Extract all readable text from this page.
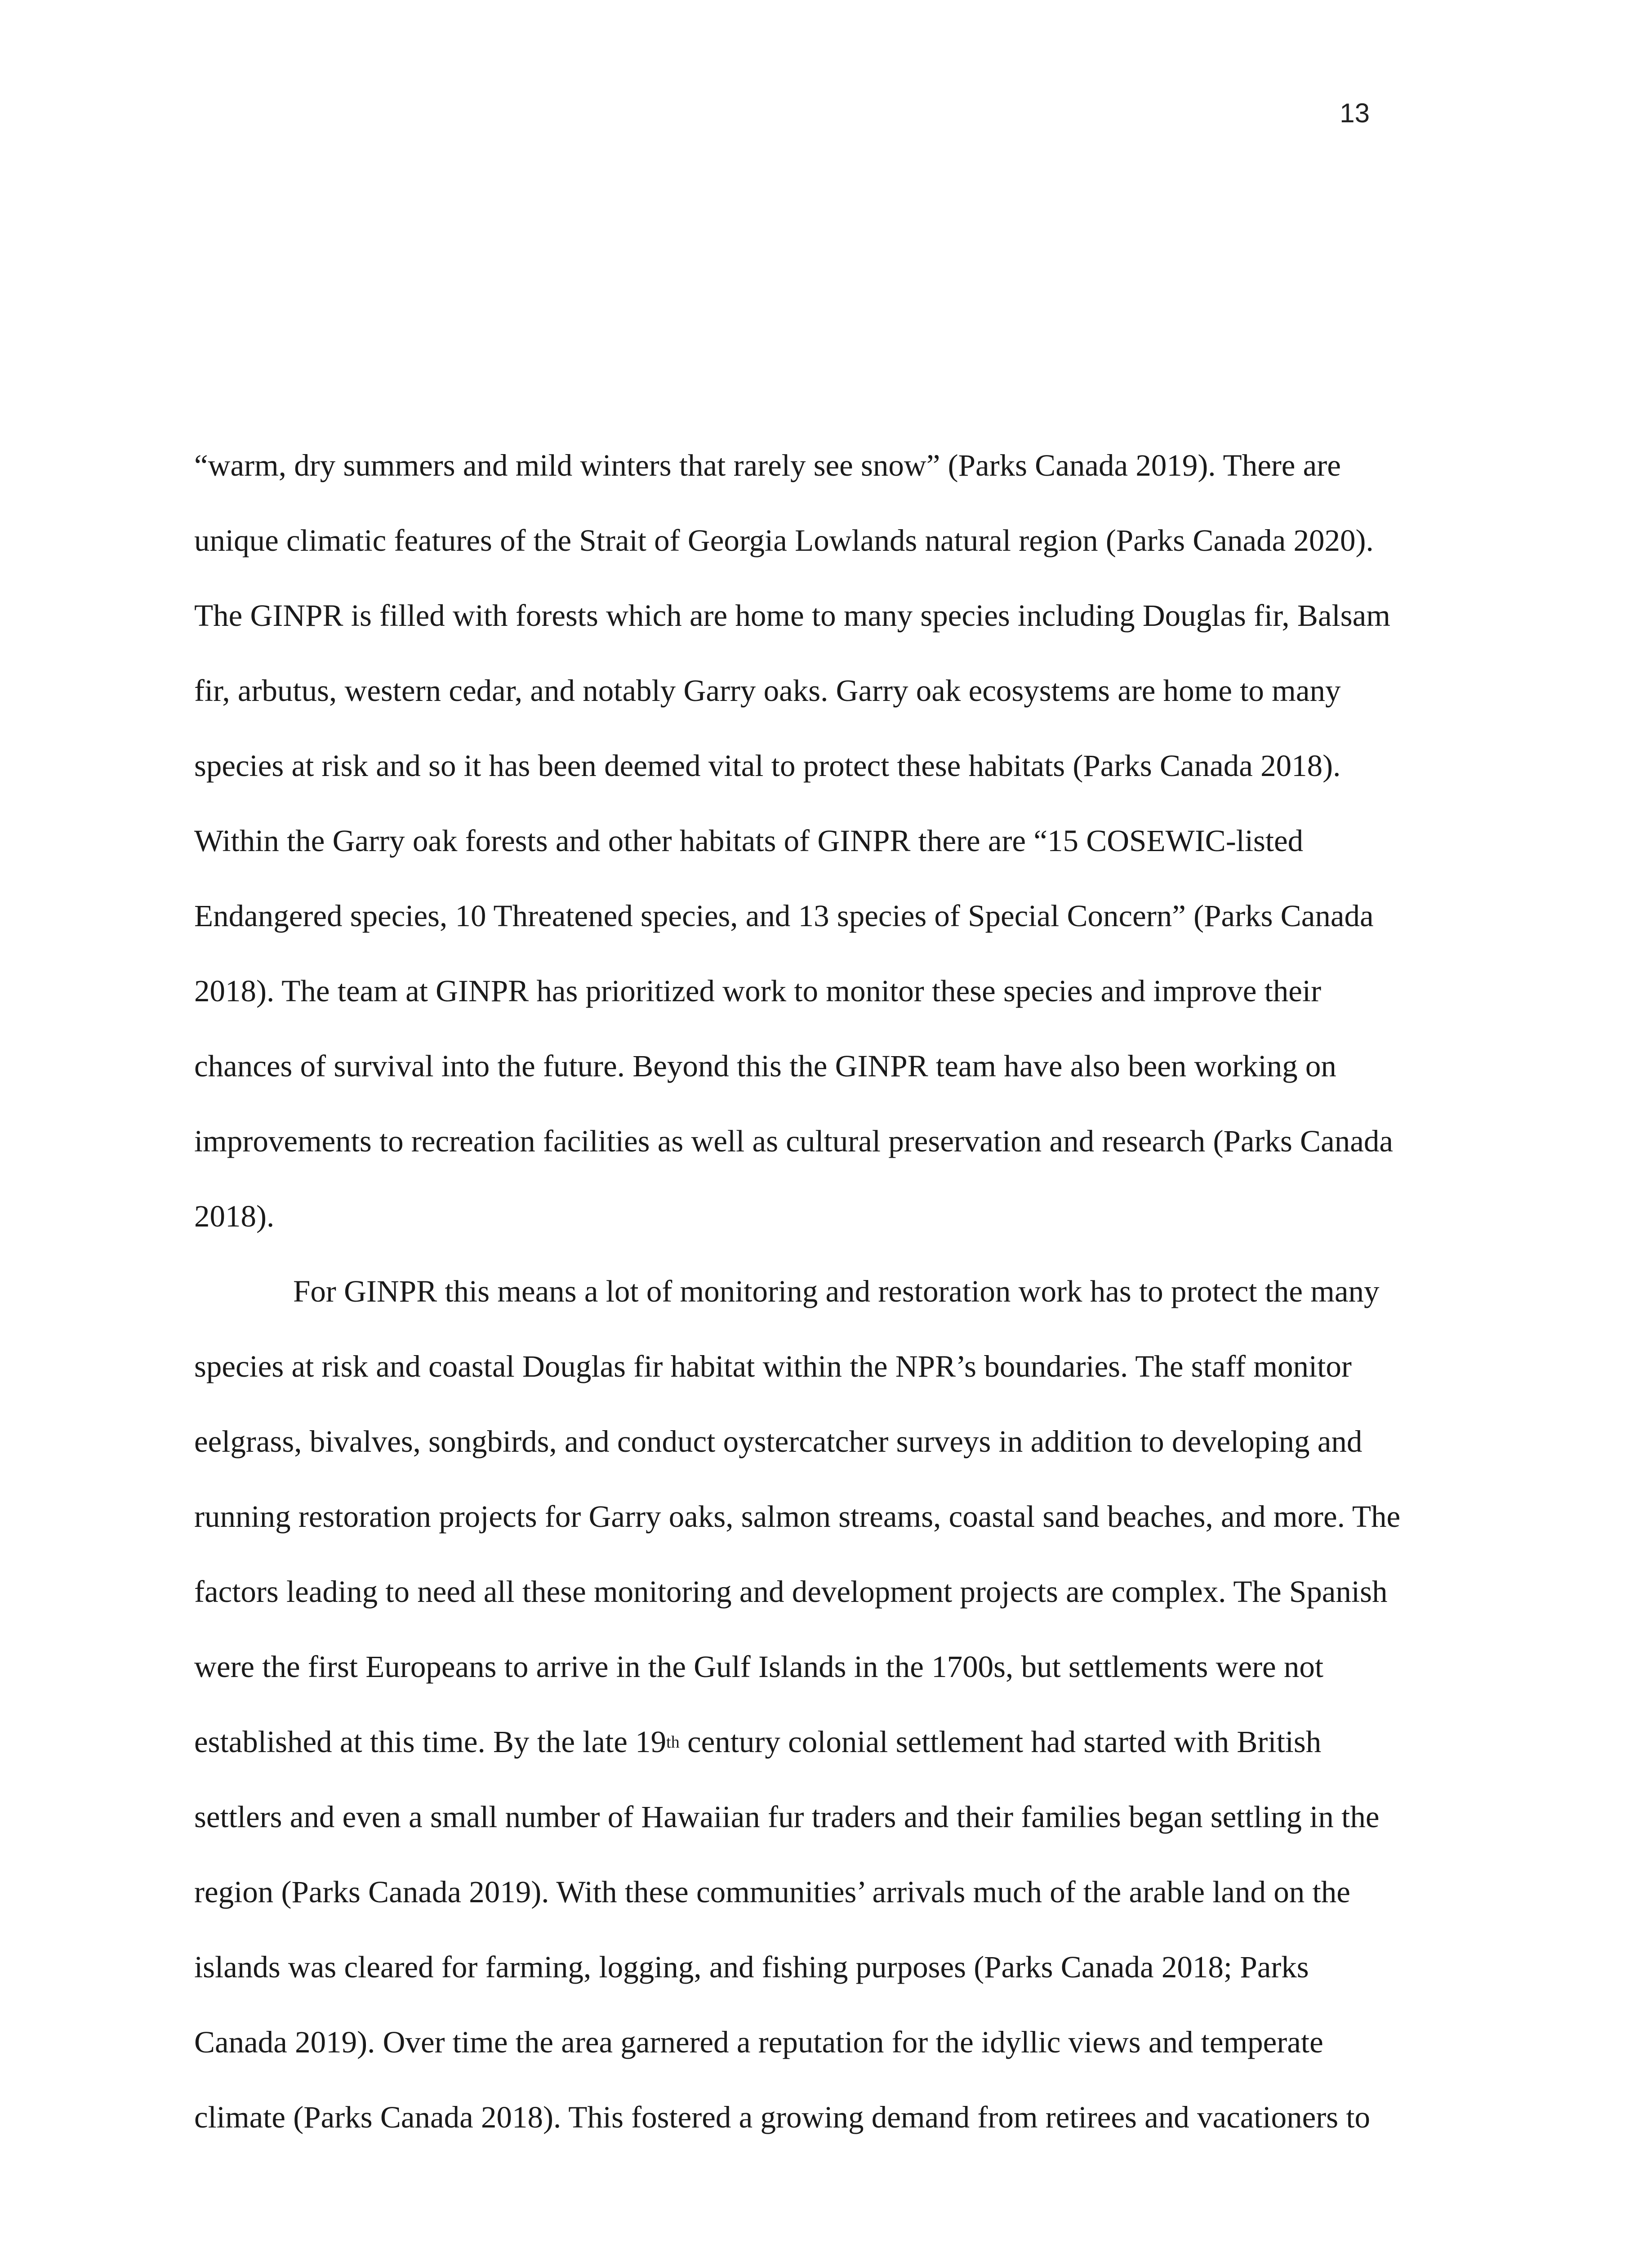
13
“warm, dry summers and mild winters that rarely see snow” (Parks Canada 2019). There are
unique climatic features of the Strait of Georgia Lowlands natural region (Parks Canada 2020).
The GINPR is filled with forests which are home to many species including Douglas fir, Balsam
fir, arbutus, western cedar, and notably Garry oaks. Garry oak ecosystems are home to many
species at risk and so it has been deemed vital to protect these habitats (Parks Canada 2018).
Within the Garry oak forests and other habitats of GINPR there are “15 COSEWIC-listed
Endangered species, 10 Threatened species, and 13 species of Special Concern” (Parks Canada
2018). The team at GINPR has prioritized work to monitor these species and improve their
chances of survival into the future. Beyond this the GINPR team have also been working on
improvements to recreation facilities as well as cultural preservation and research (Parks Canada
2018).
For GINPR this means a lot of monitoring and restoration work has to protect the many
species at risk and coastal Douglas fir habitat within the NPR’s boundaries. The staff monitor
eelgrass, bivalves, songbirds, and conduct oystercatcher surveys in addition to developing and
running restoration projects for Garry oaks, salmon streams, coastal sand beaches, and more. The
factors leading to need all these monitoring and development projects are complex. The Spanish
were the first Europeans to arrive in the Gulf Islands in the 1700s, but settlements were not
established at this time. By the late 19th century colonial settlement had started with British
settlers and even a small number of Hawaiian fur traders and their families began settling in the
region (Parks Canada 2019). With these communities’ arrivals much of the arable land on the
islands was cleared for farming, logging, and fishing purposes (Parks Canada 2018; Parks
Canada 2019). Over time the area garnered a reputation for the idyllic views and temperate
climate (Parks Canada 2018). This fostered a growing demand from retirees and vacationers to
